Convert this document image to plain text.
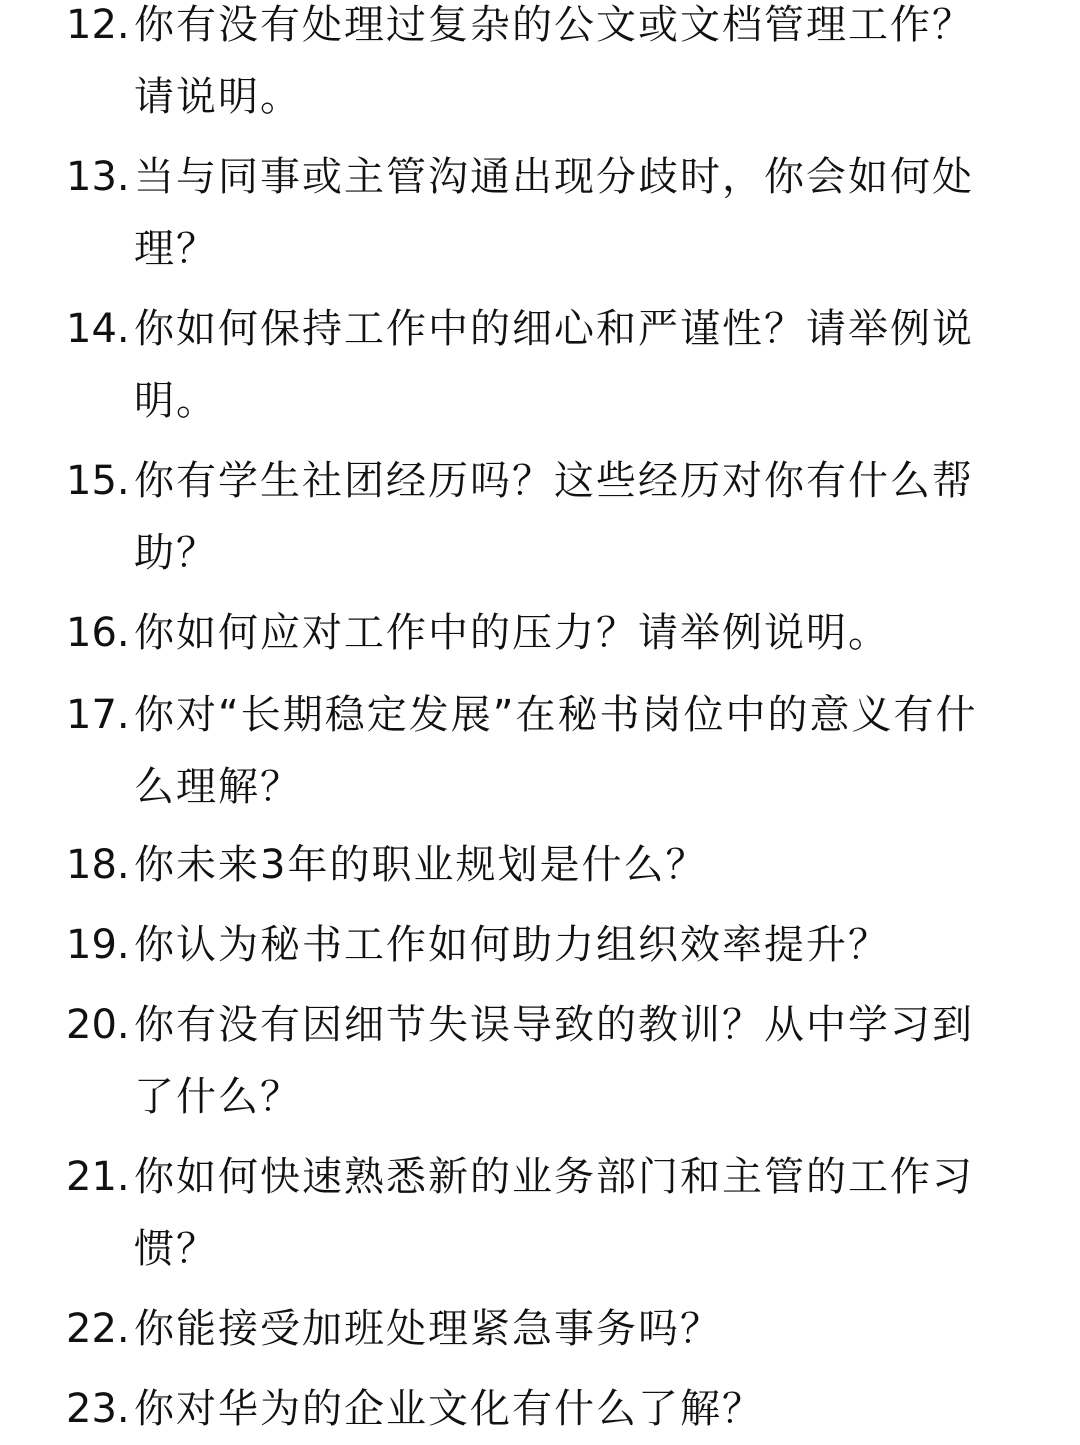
12. 你有没有处理过复杂的公文或文档管理工作？请说明。
13. 当与同事或主管沟通出现分歧时，你会如何处理？
14. 你如何保持工作中的细心和严谨性？请举例说明。
15. 你有学生社团经历吗？这些经历对你有什么帮助？
16. 你如何应对工作中的压力？请举例说明。
17. 你对“长期稳定发展”在秘书岗位中的意义有什么理解？
18. 你未来3年的职业规划是什么？
19. 你认为秘书工作如何助力组织效率提升？
20. 你有没有因细节失误导致的教训？从中学习到了什么？
21. 你如何快速熟悉新的业务部门和主管的工作习惯？
22. 你能接受加班处理紧急事务吗？
23. 你对华为的企业文化有什么了解？
